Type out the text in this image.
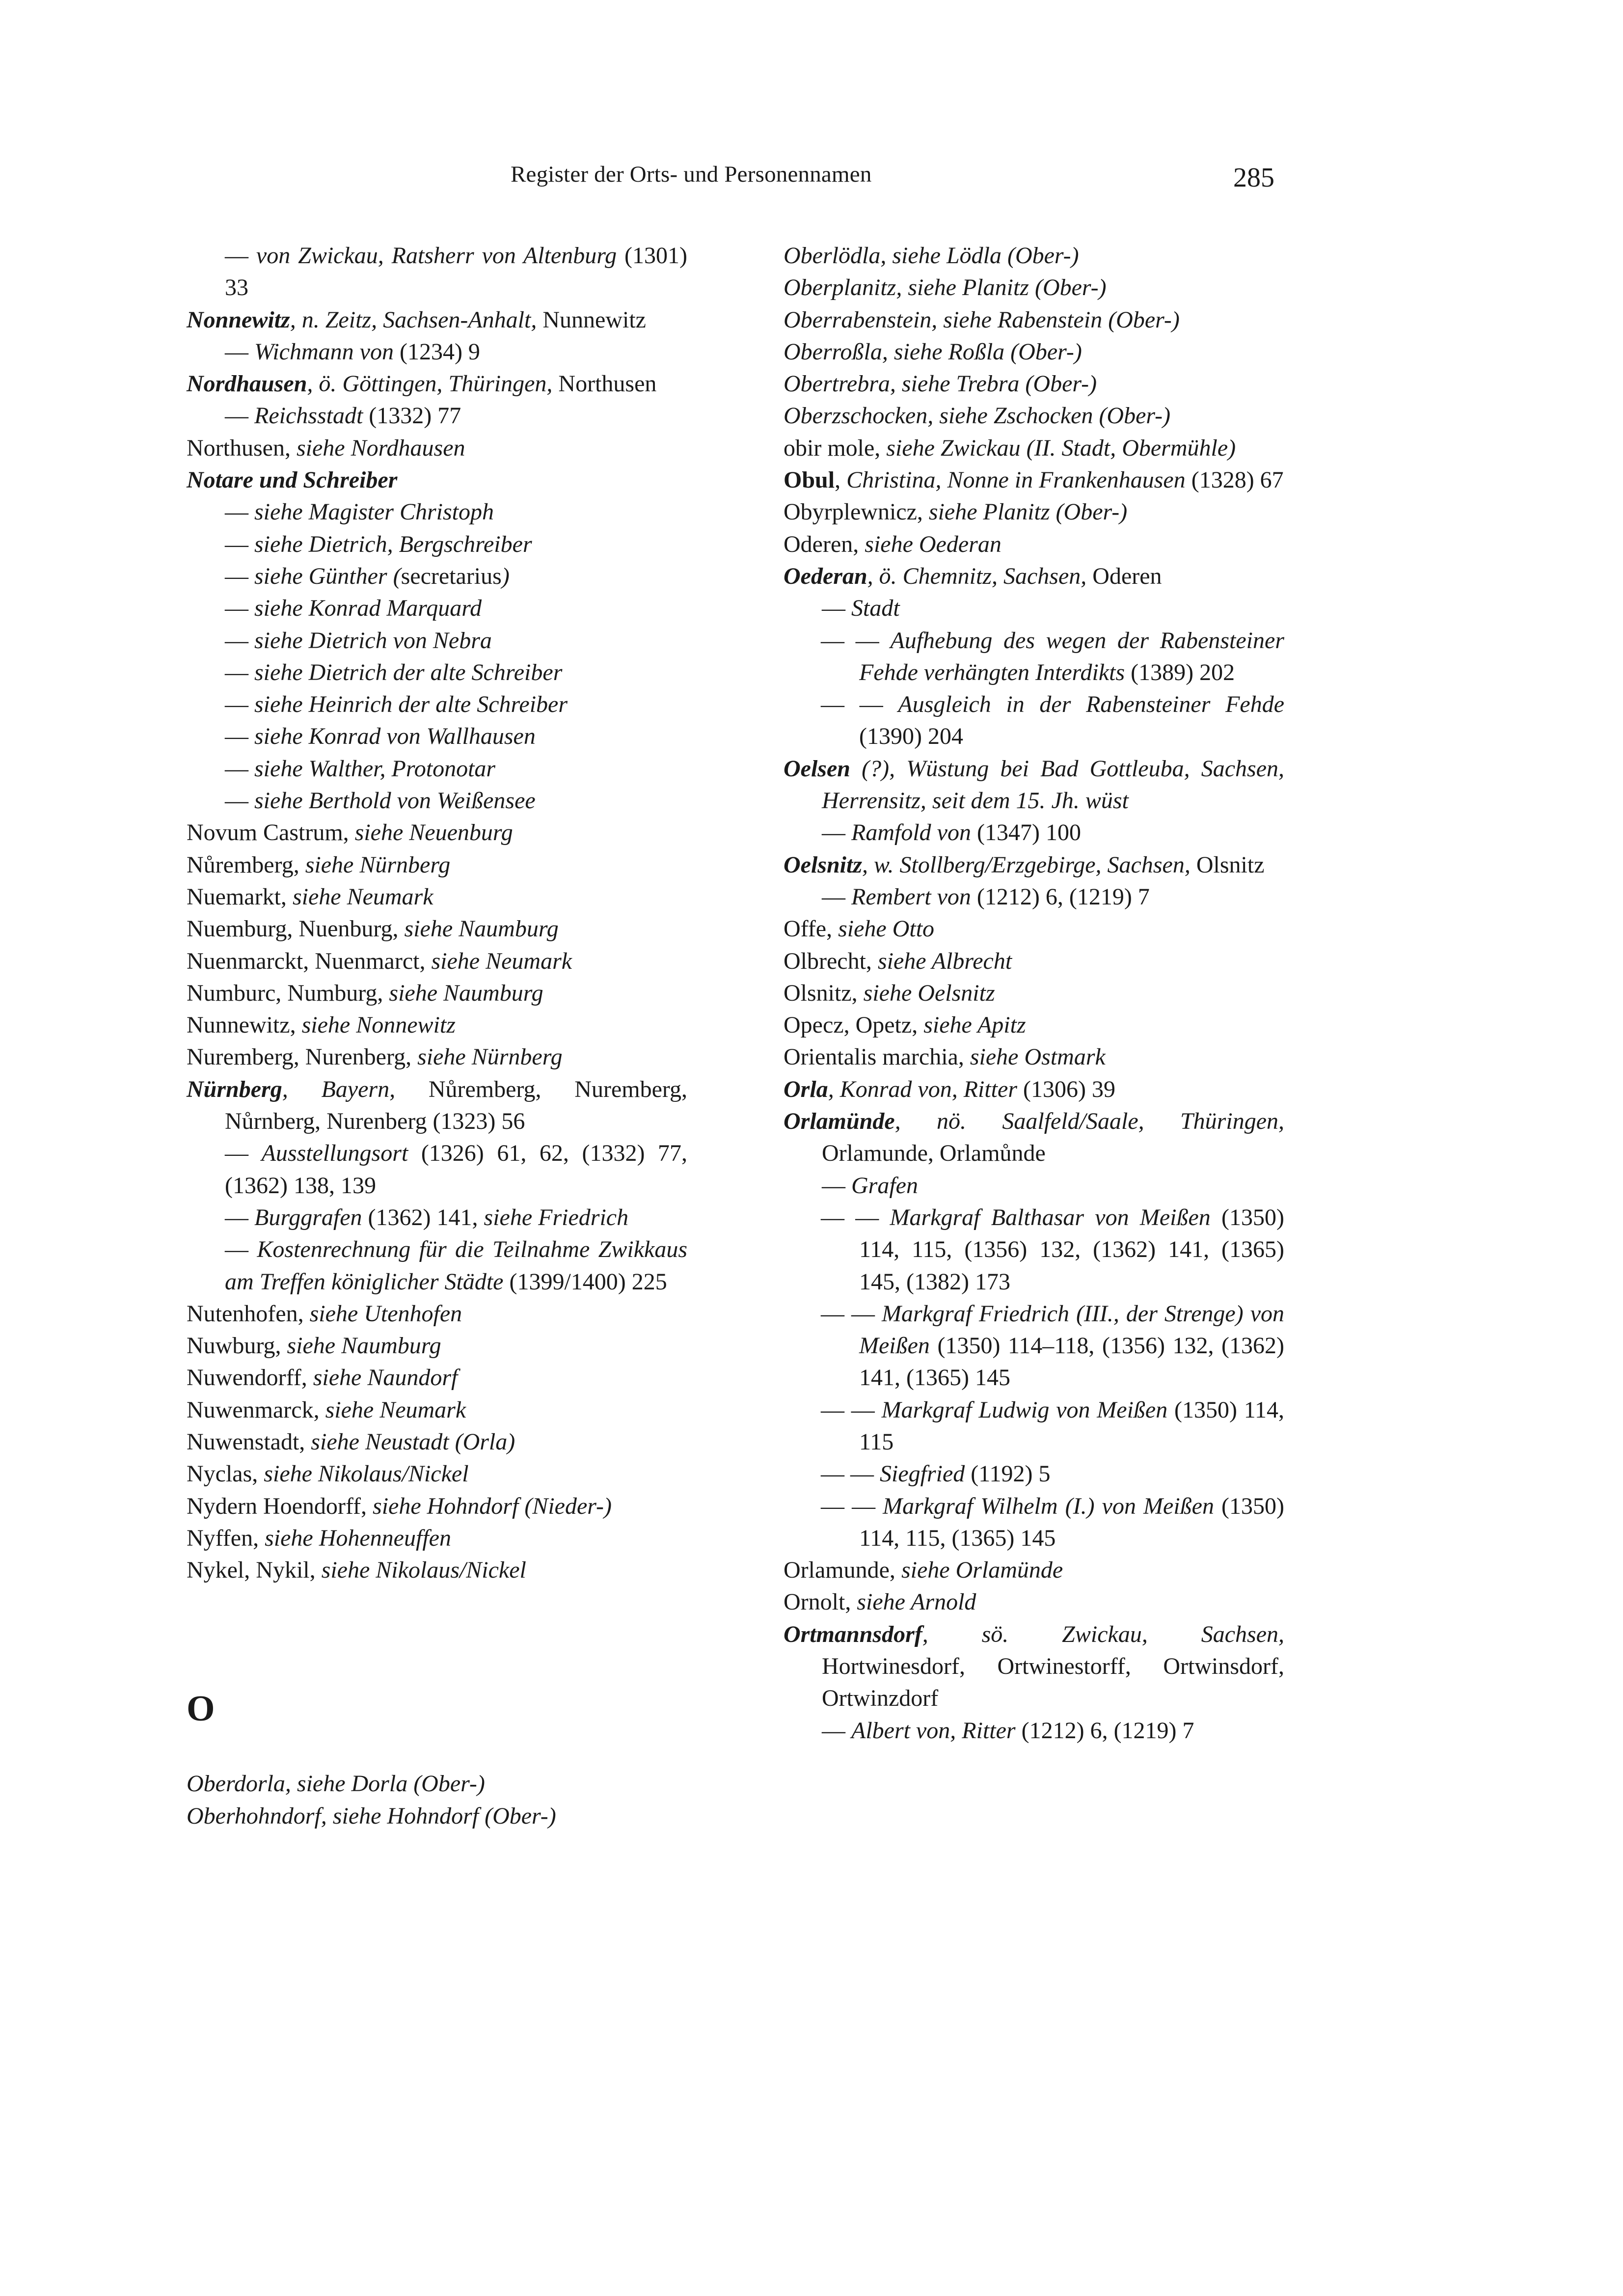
Register der Orts- und Personennamen	285
— von Zwickau, Ratsherr von Altenburg (1301) 33
Nonnewitz, n. Zeitz, Sachsen-Anhalt, Nunnewitz
— Wichmann von (1234) 9
Nordhausen, ö. Göttingen, Thüringen, Northusen
— Reichsstadt (1332) 77
Northusen, siehe Nordhausen
Notare und Schreiber
— siehe Magister Christoph
— siehe Dietrich, Bergschreiber
— siehe Günther (secretarius)
— siehe Konrad Marquard
— siehe Dietrich von Nebra
— siehe Dietrich der alte Schreiber
— siehe Heinrich der alte Schreiber
— siehe Konrad von Wallhausen
— siehe Walther, Protonotar
— siehe Berthold von Weißensee
Novum Castrum, siehe Neuenburg
Nůremberg, siehe Nürnberg
Nuemarkt, siehe Neumark
Nuemburg, Nuenburg, siehe Naumburg
Nuenmarckt, Nuenmarct, siehe Neumark
Numburc, Numburg, siehe Naumburg
Nunnewitz, siehe Nonnewitz
Nuremberg, Nurenberg, siehe Nürnberg
Nürnberg, Bayern, Nůremberg, Nuremberg, Nůrnberg, Nurenberg (1323) 56
— Ausstellungsort (1326) 61, 62, (1332) 77, (1362) 138, 139
— Burggrafen (1362) 141, siehe Friedrich
— Kostenrechnung für die Teilnahme Zwikkaus am Treffen königlicher Städte (1399/1400) 225
Nutenhofen, siehe Utenhofen
Nuwburg, siehe Naumburg
Nuwendorff, siehe Naundorf
Nuwenmarck, siehe Neumark
Nuwenstadt, siehe Neustadt (Orla)
Nyclas, siehe Nikolaus/Nickel
Nydern Hoendorff, siehe Hohndorf (Nieder-)
Nyffen, siehe Hohenneuffen
Nykel, Nykil, siehe Nikolaus/Nickel
O
Oberdorla, siehe Dorla (Ober-)
Oberhohndorf, siehe Hohndorf (Ober-)
Oberlödla, siehe Lödla (Ober-)
Oberplanitz, siehe Planitz (Ober-)
Oberrabenstein, siehe Rabenstein (Ober-)
Oberroßla, siehe Roßla (Ober-)
Obertrebra, siehe Trebra (Ober-)
Oberzschocken, siehe Zschocken (Ober-)
obir mole, siehe Zwickau (II. Stadt, Obermühle)
Obul, Christina, Nonne in Frankenhausen (1328) 67
Obyrplewnicz, siehe Planitz (Ober-)
Oderen, siehe Oederan
Oederan, ö. Chemnitz, Sachsen, Oderen
— Stadt
— — Aufhebung des wegen der Rabensteiner Fehde verhängten Interdikts (1389) 202
— — Ausgleich in der Rabensteiner Fehde (1390) 204
Oelsen (?), Wüstung bei Bad Gottleuba, Sachsen, Herrensitz, seit dem 15. Jh. wüst
— Ramfold von (1347) 100
Oelsnitz, w. Stollberg/Erzgebirge, Sachsen, Olsnitz
— Rembert von (1212) 6, (1219) 7
Offe, siehe Otto
Olbrecht, siehe Albrecht
Olsnitz, siehe Oelsnitz
Opecz, Opetz, siehe Apitz
Orientalis marchia, siehe Ostmark
Orla, Konrad von, Ritter (1306) 39
Orlamünde, nö. Saalfeld/Saale, Thüringen, Orlamunde, Orlamůnde
— Grafen
— — Markgraf Balthasar von Meißen (1350) 114, 115, (1356) 132, (1362) 141, (1365) 145, (1382) 173
— — Markgraf Friedrich (III., der Strenge) von Meißen (1350) 114–118, (1356) 132, (1362) 141, (1365) 145
— — Markgraf Ludwig von Meißen (1350) 114, 115
— — Siegfried (1192) 5
— — Markgraf Wilhelm (I.) von Meißen (1350) 114, 115, (1365) 145
Orlamunde, siehe Orlamünde
Ornolt, siehe Arnold
Ortmannsdorf, sö. Zwickau, Sachsen, Hortwinesdorf, Ortwinestorff, Ortwinsdorf, Ortwinzdorf
— Albert von, Ritter (1212) 6, (1219) 7
